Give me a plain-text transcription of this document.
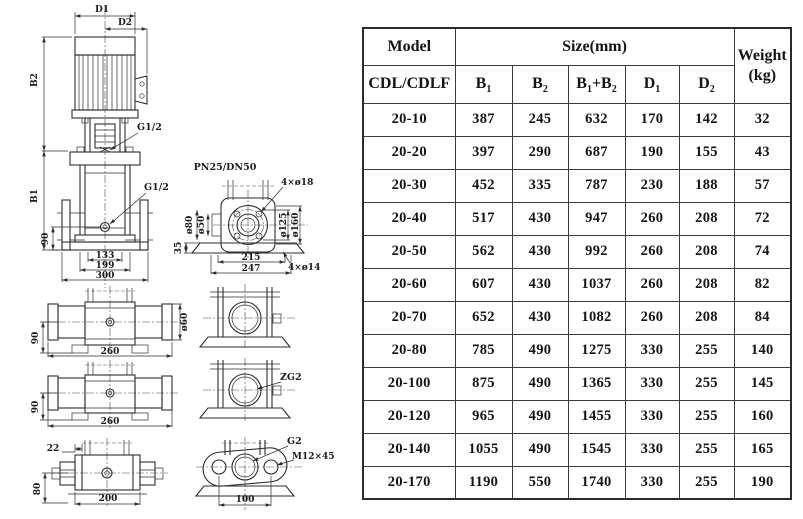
D1
D2
G1/2
G1/2
B2
B1
90
133
199
300
PN25/DN50
4×ø18
ø80 ø50	ø125 ø160
35
215
247	4×ø14
90
260
ø60
90
260
22
80
200
ZG2
G2
M12×45
100
Model	Size(mm)					Weight
(kg)

CDL/CDLF	$B_1$	$B_2$	$B_1+B_2$	$D_1$	$D_2$
20-10	387	245	632	170	142	32
20-20	397	290	687	190	155	43
20-30	452	335	787	230	188	57
20-40	517	430	947	260	208	72
20-50	562	430	992	260	208	74
20-60	607	430	1037	260	208	82
20-70	652	430	1082	260	208	84
20-80	785	490	1275	330	255	140
20-100	875	490	1365	330	255	145
20-120	965	490	1455	330	255	160
20-140	1055	490	1545	330	255	165
20-170	1190	550	1740	330	255	190
